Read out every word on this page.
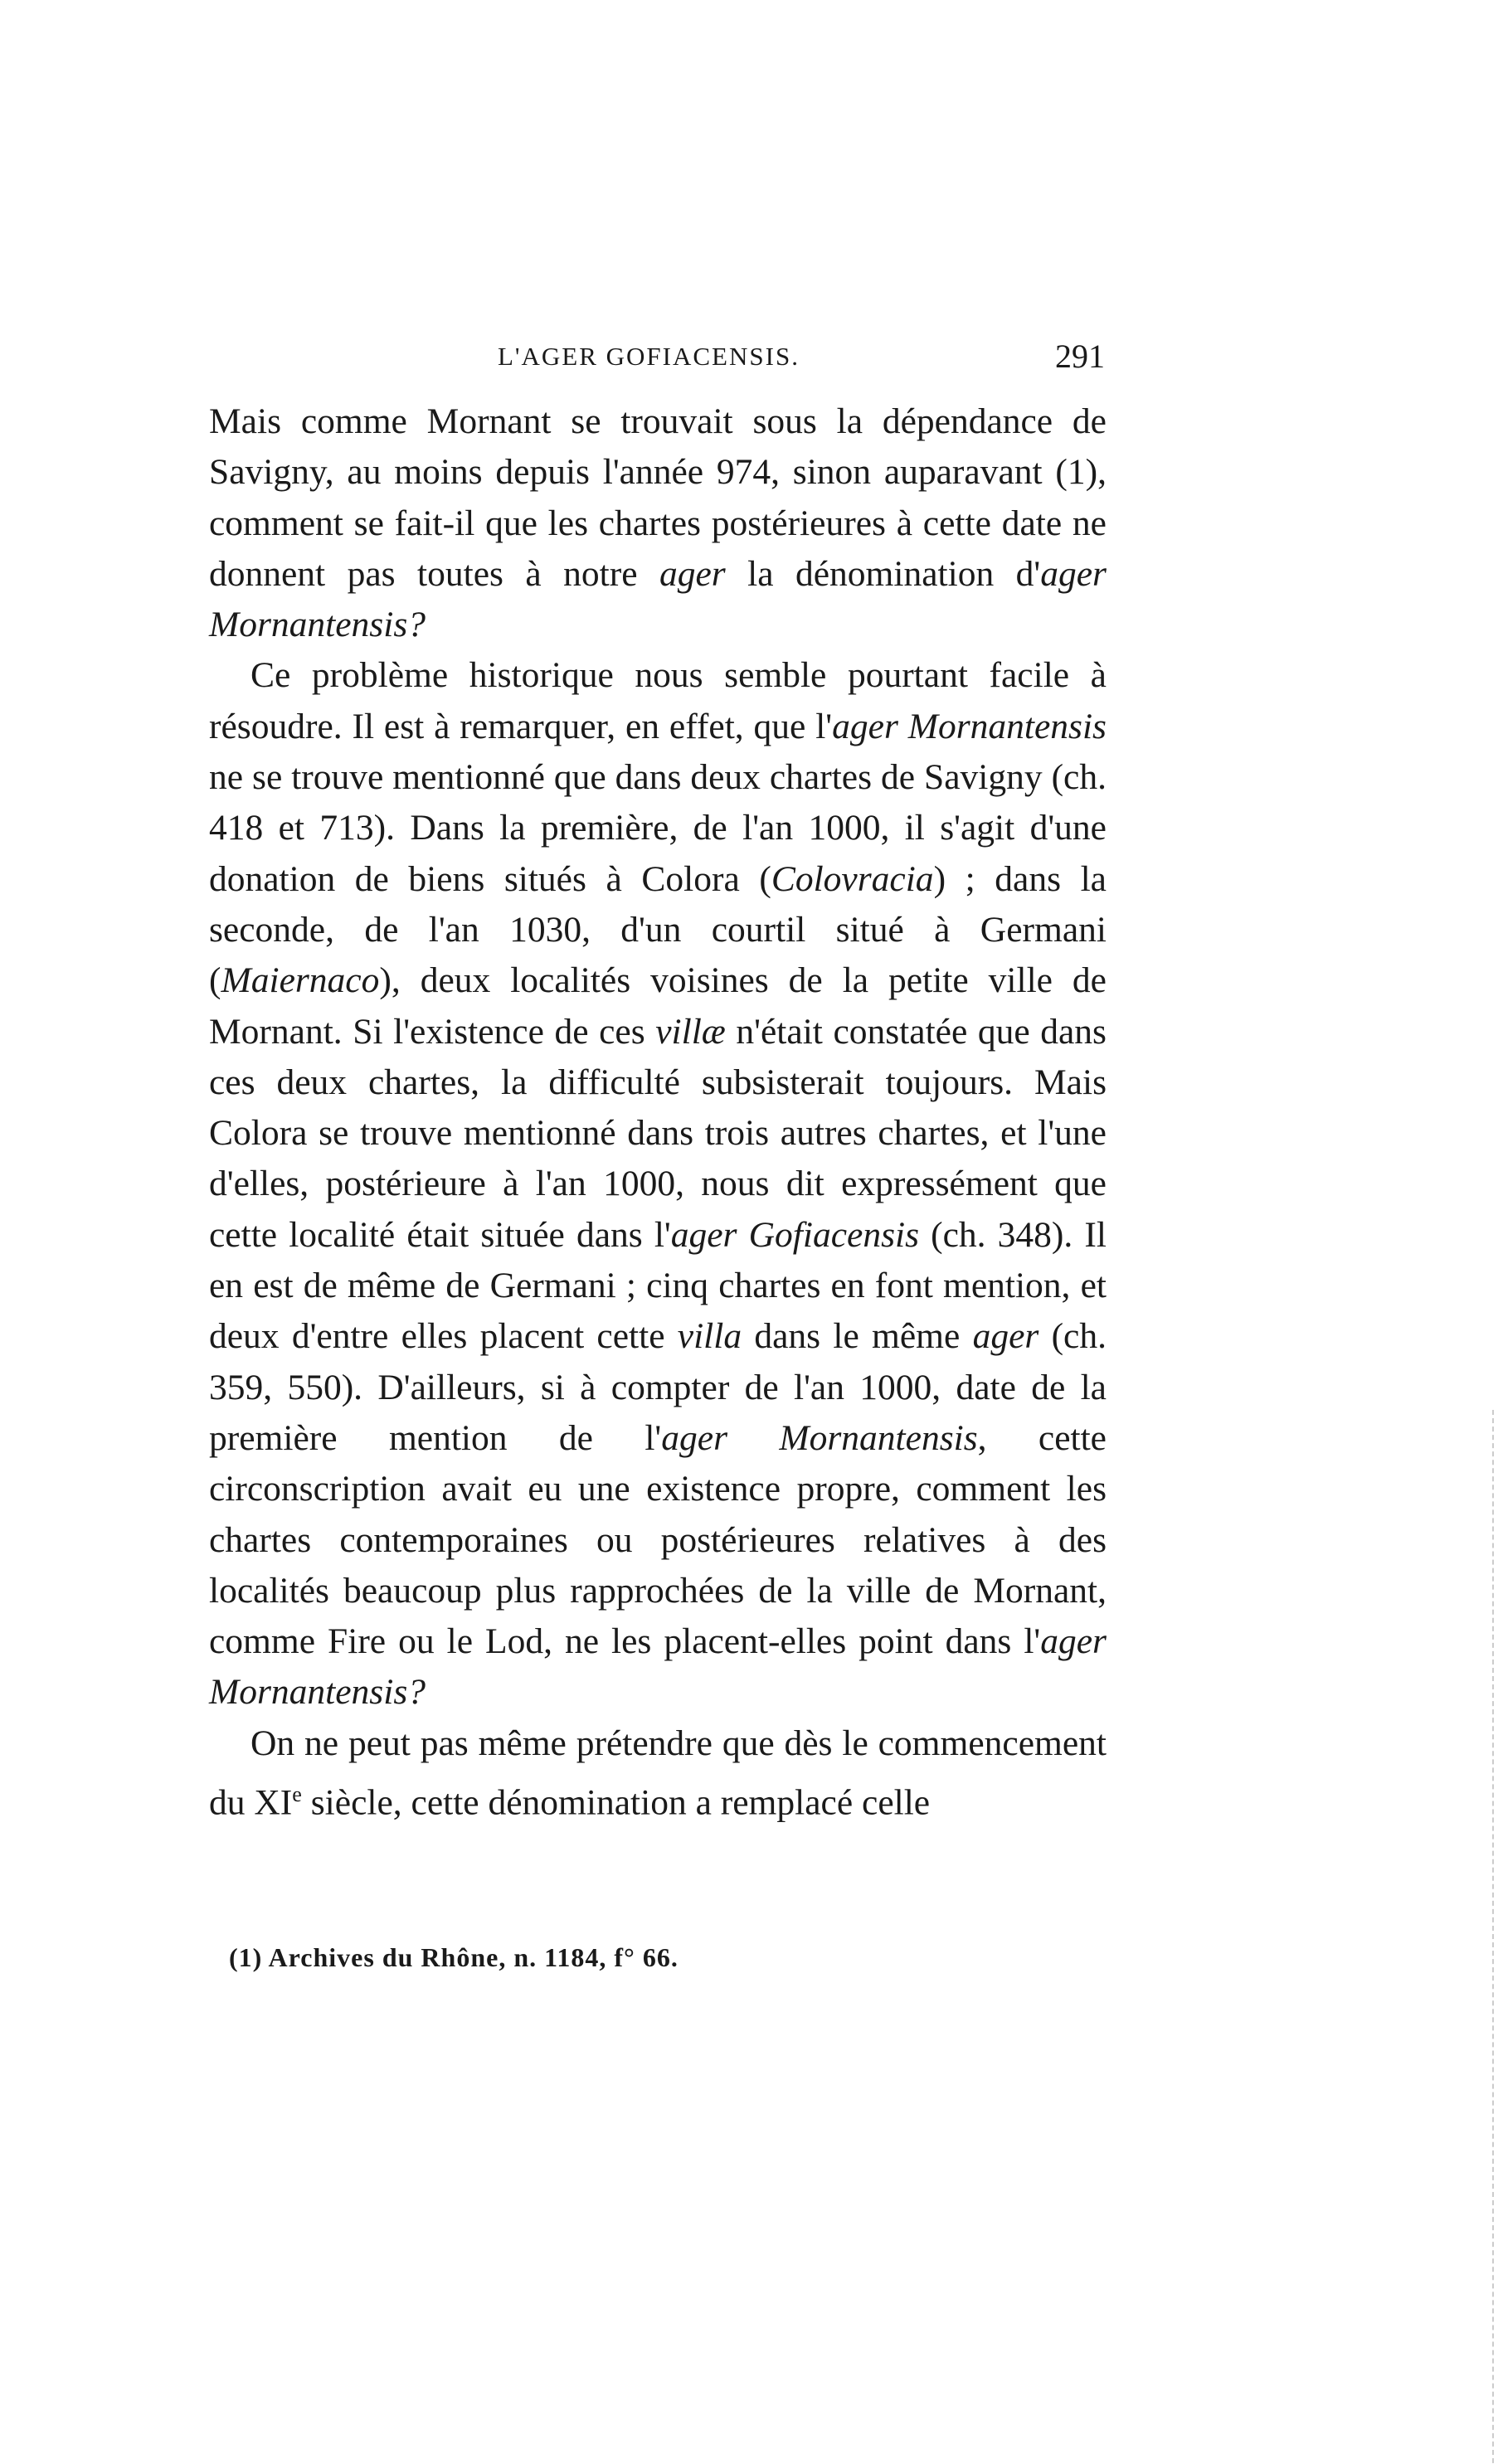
L'AGER GOFIACENSIS.	291

Mais comme Mornant se trouvait sous la dépendance de Savigny, au moins depuis l'année 974, sinon auparavant (1), comment se fait-il que les chartes postérieures à cette date ne donnent pas toutes à notre ager la dénomination d'ager Mornantensis?

Ce problème historique nous semble pourtant facile à résoudre. Il est à remarquer, en effet, que l'ager Mornantensis ne se trouve mentionné que dans deux chartes de Savigny (ch. 418 et 713). Dans la première, de l'an 1000, il s'agit d'une donation de biens situés à Colora (Colovracia) ; dans la seconde, de l'an 1030, d'un courtil situé à Germani (Maiernaco), deux localités voisines de la petite ville de Mornant. Si l'existence de ces villæ n'était constatée que dans ces deux chartes, la difficulté subsisterait toujours. Mais Colora se trouve mentionné dans trois autres chartes, et l'une d'elles, postérieure à l'an 1000, nous dit expressément que cette localité était située dans l'ager Gofiacensis (ch. 348). Il en est de même de Germani ; cinq chartes en font mention, et deux d'entre elles placent cette villa dans le même ager (ch. 359, 550). D'ailleurs, si à compter de l'an 1000, date de la première mention de l'ager Mornantensis, cette circonscription avait eu une existence propre, comment les chartes contemporaines ou postérieures relatives à des localités beaucoup plus rapprochées de la ville de Mornant, comme Fire ou le Lod, ne les placent-elles point dans l'ager Mornantensis?

On ne peut pas même prétendre que dès le commencement du XIe siècle, cette dénomination a remplacé celle

(1) Archives du Rhône, n. 1184, f° 66.
